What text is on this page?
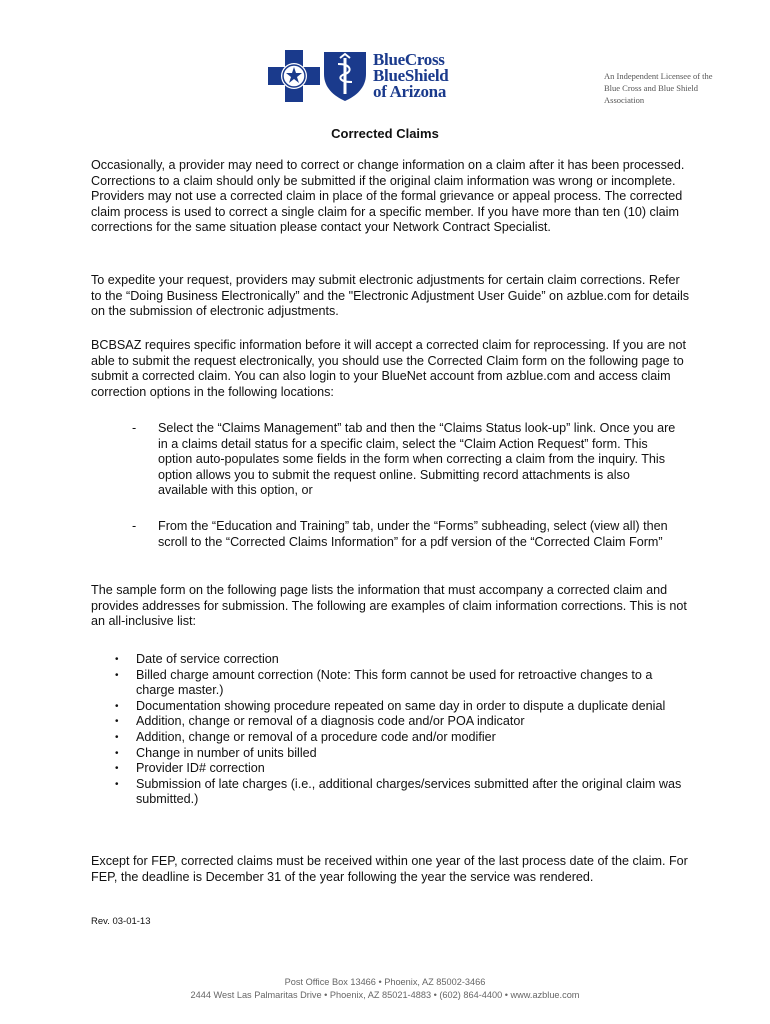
BlueCross
BlueShield
of Arizona
An Independent Licensee of the Blue Cross and Blue Shield Association
Corrected Claims
Occasionally, a provider may need to correct or change information on a claim after it has been processed. Corrections to a claim should only be submitted if the original claim information was wrong or incomplete. Providers may not use a corrected claim in place of the formal grievance or appeal process. The corrected claim process is used to correct a single claim for a specific member. If you have more than ten (10) claim corrections for the same situation please contact your Network Contract Specialist.
To expedite your request, providers may submit electronic adjustments for certain claim corrections. Refer to the “Doing Business Electronically” and the "Electronic Adjustment User Guide” on azblue.com for details on the submission of electronic adjustments.
BCBSAZ requires specific information before it will accept a corrected claim for reprocessing. If you are not able to submit the request electronically, you should use the Corrected Claim form on the following page to submit a corrected claim. You can also login to your BlueNet account from azblue.com and access claim correction options in the following locations:
- Select the “Claims Management” tab and then the “Claims Status look-up” link. Once you are in a claims detail status for a specific claim, select the “Claim Action Request” form. This option auto-populates some fields in the form when correcting a claim from the inquiry. This option allows you to submit the request online. Submitting record attachments is also available with this option, or
- From the “Education and Training” tab, under the “Forms” subheading, select (view all) then scroll to the “Corrected Claims Information” for a pdf version of the “Corrected Claim Form”
The sample form on the following page lists the information that must accompany a corrected claim and provides addresses for submission. The following are examples of claim information corrections. This is not an all-inclusive list:
• Date of service correction
• Billed charge amount correction (Note: This form cannot be used for retroactive changes to a charge master.)
• Documentation showing procedure repeated on same day in order to dispute a duplicate denial
• Addition, change or removal of a diagnosis code and/or POA indicator
• Addition, change or removal of a procedure code and/or modifier
• Change in number of units billed
• Provider ID# correction
• Submission of late charges (i.e., additional charges/services submitted after the original claim was submitted.)
Except for FEP, corrected claims must be received within one year of the last process date of the claim. For FEP, the deadline is December 31 of the year following the year the service was rendered.
Rev. 03-01-13
Post Office Box 13466 • Phoenix, AZ 85002-3466
2444 West Las Palmaritas Drive • Phoenix, AZ 85021-4883 • (602) 864-4400 • www.azblue.com
